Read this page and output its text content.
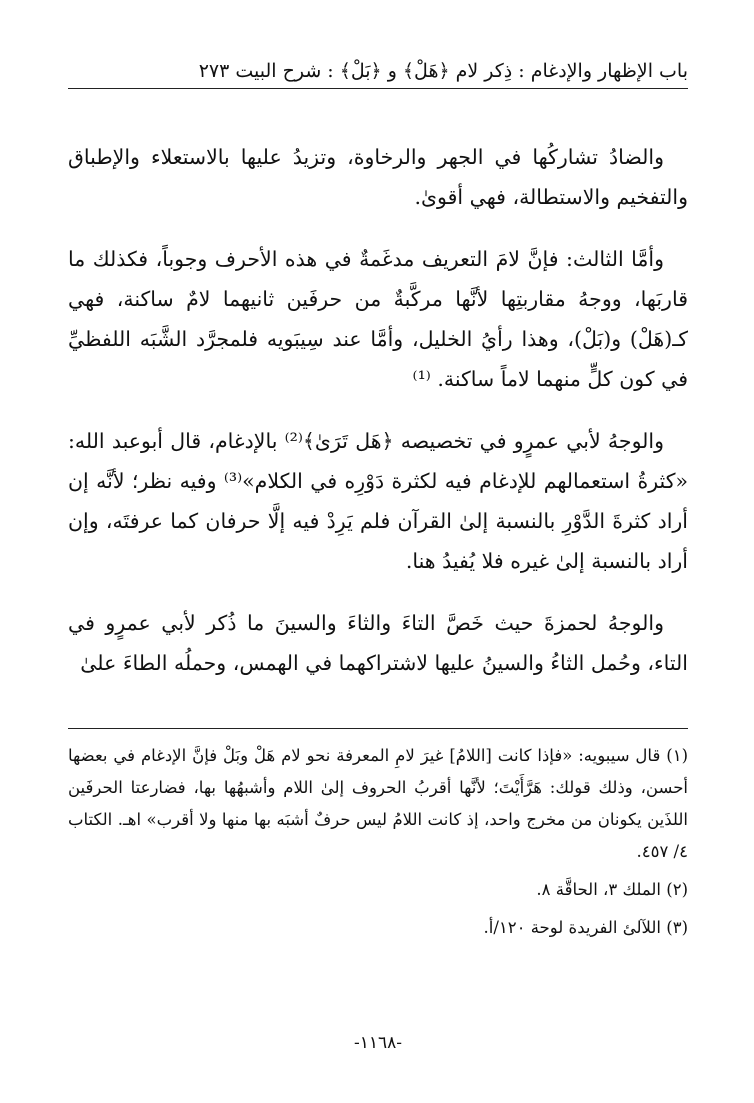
باب الإظهار والإدغام : ذِكر لام ﴿هَلْ﴾ و ﴿بَلْ﴾ : شرح البيت ٢٧٣

والضادُ تشاركُها في الجهر والرخاوة، وتزيدُ عليها بالاستعلاء والإطباق والتفخيم والاستطالة، فهي أقوىٰ.

وأمَّا الثالث: فإنَّ لامَ التعريف مدغَمةٌ في هذه الأحرف وجوباً، فكذلك ما قاربَها، ووجهُ مقاربتِها لأنَّها مركَّبةٌ من حرفَين ثانيهما لامٌ ساكنة، فهي كـ(هَلْ) و(بَلْ)، وهذا رأيُ الخليل، وأمَّا عند سِيبَويه فلمجرَّد الشَّبَه اللفظيِّ في كون كلٍّ منهما لاماً ساكنة. ⁽¹⁾

والوجهُ لأبي عمرٍو في تخصيصه ﴿هَل تَرَىٰ﴾⁽²⁾ بالإدغام، قال أبوعبد الله: «كثرةُ استعمالهم للإدغام فيه لكثرة دَوْرِه في الكلام»⁽³⁾ وفيه نظر؛ لأنَّه إن أراد كثرةَ الدَّوْرِ بالنسبة إلىٰ القرآن فلم يَرِدْ فيه إلَّا حرفان كما عرفتَه، وإن أراد بالنسبة إلىٰ غيره فلا يُفيدُ هنا.

والوجهُ لحمزةَ حيث خَصَّ التاءَ والثاءَ والسينَ ما ذُكر لأبي عمرٍو في التاء، وحُمل الثاءُ والسينُ عليها لاشتراكهما في الهمس، وحملُه الطاءَ علىٰ

(١) قال سيبويه: «فإذا كانت [اللامُ] غيرَ لامِ المعرفة نحو لام هَلْ وبَلْ فإنَّ الإدغام في بعضها أحسن، وذلك قولك: هَرَّأَيْتَ؛ لأنَّها أقربُ الحروف إلىٰ اللام وأشبهُها بها، فضارعتا الحرفَين اللذَين يكونان من مخرج واحد، إذ كانت اللامُ ليس حرفٌ أشبَه بها منها ولا أقرب» اهـ. الكتاب ٤/ ٤٥٧.

(٢) الملك ٣، الحاقَّة ٨.

(٣) اللآلئ الفريدة لوحة ١٢٠/أ.

-١١٦٨-
